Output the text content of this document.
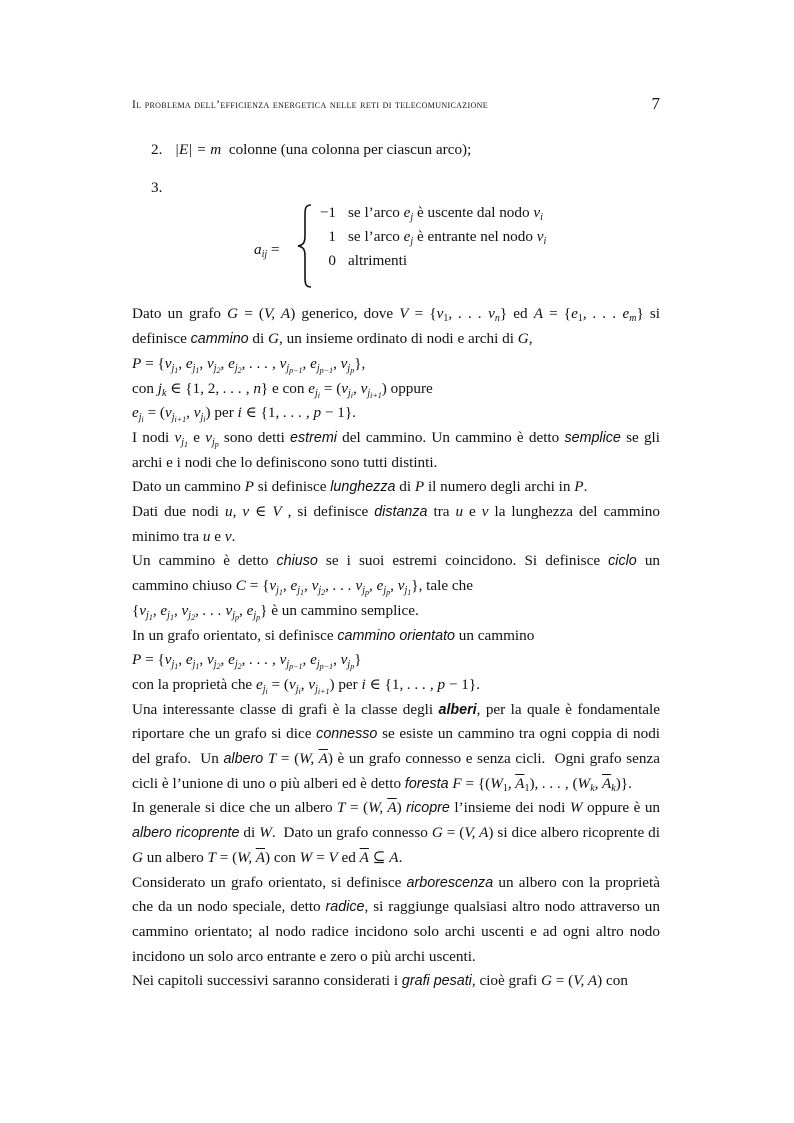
Il problema dell’efficienza energetica nelle reti di telecomunicazione	7

2. |E| = m colonne (una colonna per ciascun arco);

3.

$a_{ij}$ =
−1 se l’arco $e_j$ è uscente dal nodo $v_i$
1 se l’arco $e_j$ è entrante nel nodo $v_i$
0 altrimenti

Dato un grafo G = (V, A) generico, dove $V = \{v_1$, . . . $v_n$} ed $A = \{e_1$, . . . $e_m$} si definisce cammino di G, un insieme ordinato di nodi e archi di G,
$P = \{v_{j_1}$, $e_{j_1}$, $v_{j_2}$, $e_{j_2}$, . . . , $v_{j_{p-1}}$, $e_{j_{p-1}}$, $v_{j_p}$},
con $j_k$ ∈ {1, 2, . . . , n} e con $e_{j_i} = (v_{j_i}$, $v_{j_{i+1}}$) oppure
$e_{j_i} = (v_{j_{i+1}}$, $v_{j_i}$) per i ∈ {1, . . . , p − 1}.

I nodi $v_{j_1}$ e $v_{j_p}$ sono detti estremi del cammino. Un cammino è detto semplice se gli archi e i nodi che lo definiscono sono tutti distinti.

Dato un cammino P si definisce lunghezza di P il numero degli archi in P.

Dati due nodi u, v ∈ V , si definisce distanza tra u e v la lunghezza del cammino minimo tra u e v.

Un cammino è detto chiuso se i suoi estremi coincidono. Si definisce ciclo un cammino chiuso $C = \{v_{j_1}$, $e_{j_1}$, $v_{j_2}$, . . . $v_{j_p}$, $e_{j_p}$, $v_{j_1}$}, tale che
{$v_{j_1}$, $e_{j_1}$, $v_{j_2}$, . . . $v_{j_p}$, $e_{j_p}$} è un cammino semplice.

In un grafo orientato, si definisce cammino orientato un cammino
$P = \{v_{j_1}$, $e_{j_1}$, $v_{j_2}$, $e_{j_2}$, . . . , $v_{j_{p-1}}$, $e_{j_{p-1}}$, $v_{j_p}$}
con la proprietà che $e_{j_i} = (v_{j_i}$, $v_{j_{i+1}}$) per i ∈ {1, . . . , p − 1}.

Una interessante classe di grafi è la classe degli alberi, per la quale è fondamentale riportare che un grafo si dice connesso se esiste un cammino tra ogni coppia di nodi del grafo.  Un albero T = (W, $\overline{A}$) è un grafo connesso e senza cicli.  Ogni grafo senza cicli è l’unione di uno o più alberi ed è detto foresta $F = \{(W_1$, $\overline{A}_1$), . . . , ($W_k$, $\overline{A}_k$)}.

In generale si dice che un albero T = (W, $\overline{A}$) ricopre l’insieme dei nodi W oppure è un albero ricoprente di W.  Dato un grafo connesso G = (V, A) si dice albero ricoprente di G un albero T = (W, $\overline{A}$) con W = V ed $\overline{A}$ ⊆ A.

Considerato un grafo orientato, si definisce arborescenza un albero con la proprietà che da un nodo speciale, detto radice, si raggiunge qualsiasi altro nodo attraverso un cammino orientato; al nodo radice incidono solo archi uscenti e ad ogni altro nodo incidono un solo arco entrante e zero o più archi uscenti.

Nei capitoli successivi saranno considerati i grafi pesati, cioè grafi G = (V, A) con
